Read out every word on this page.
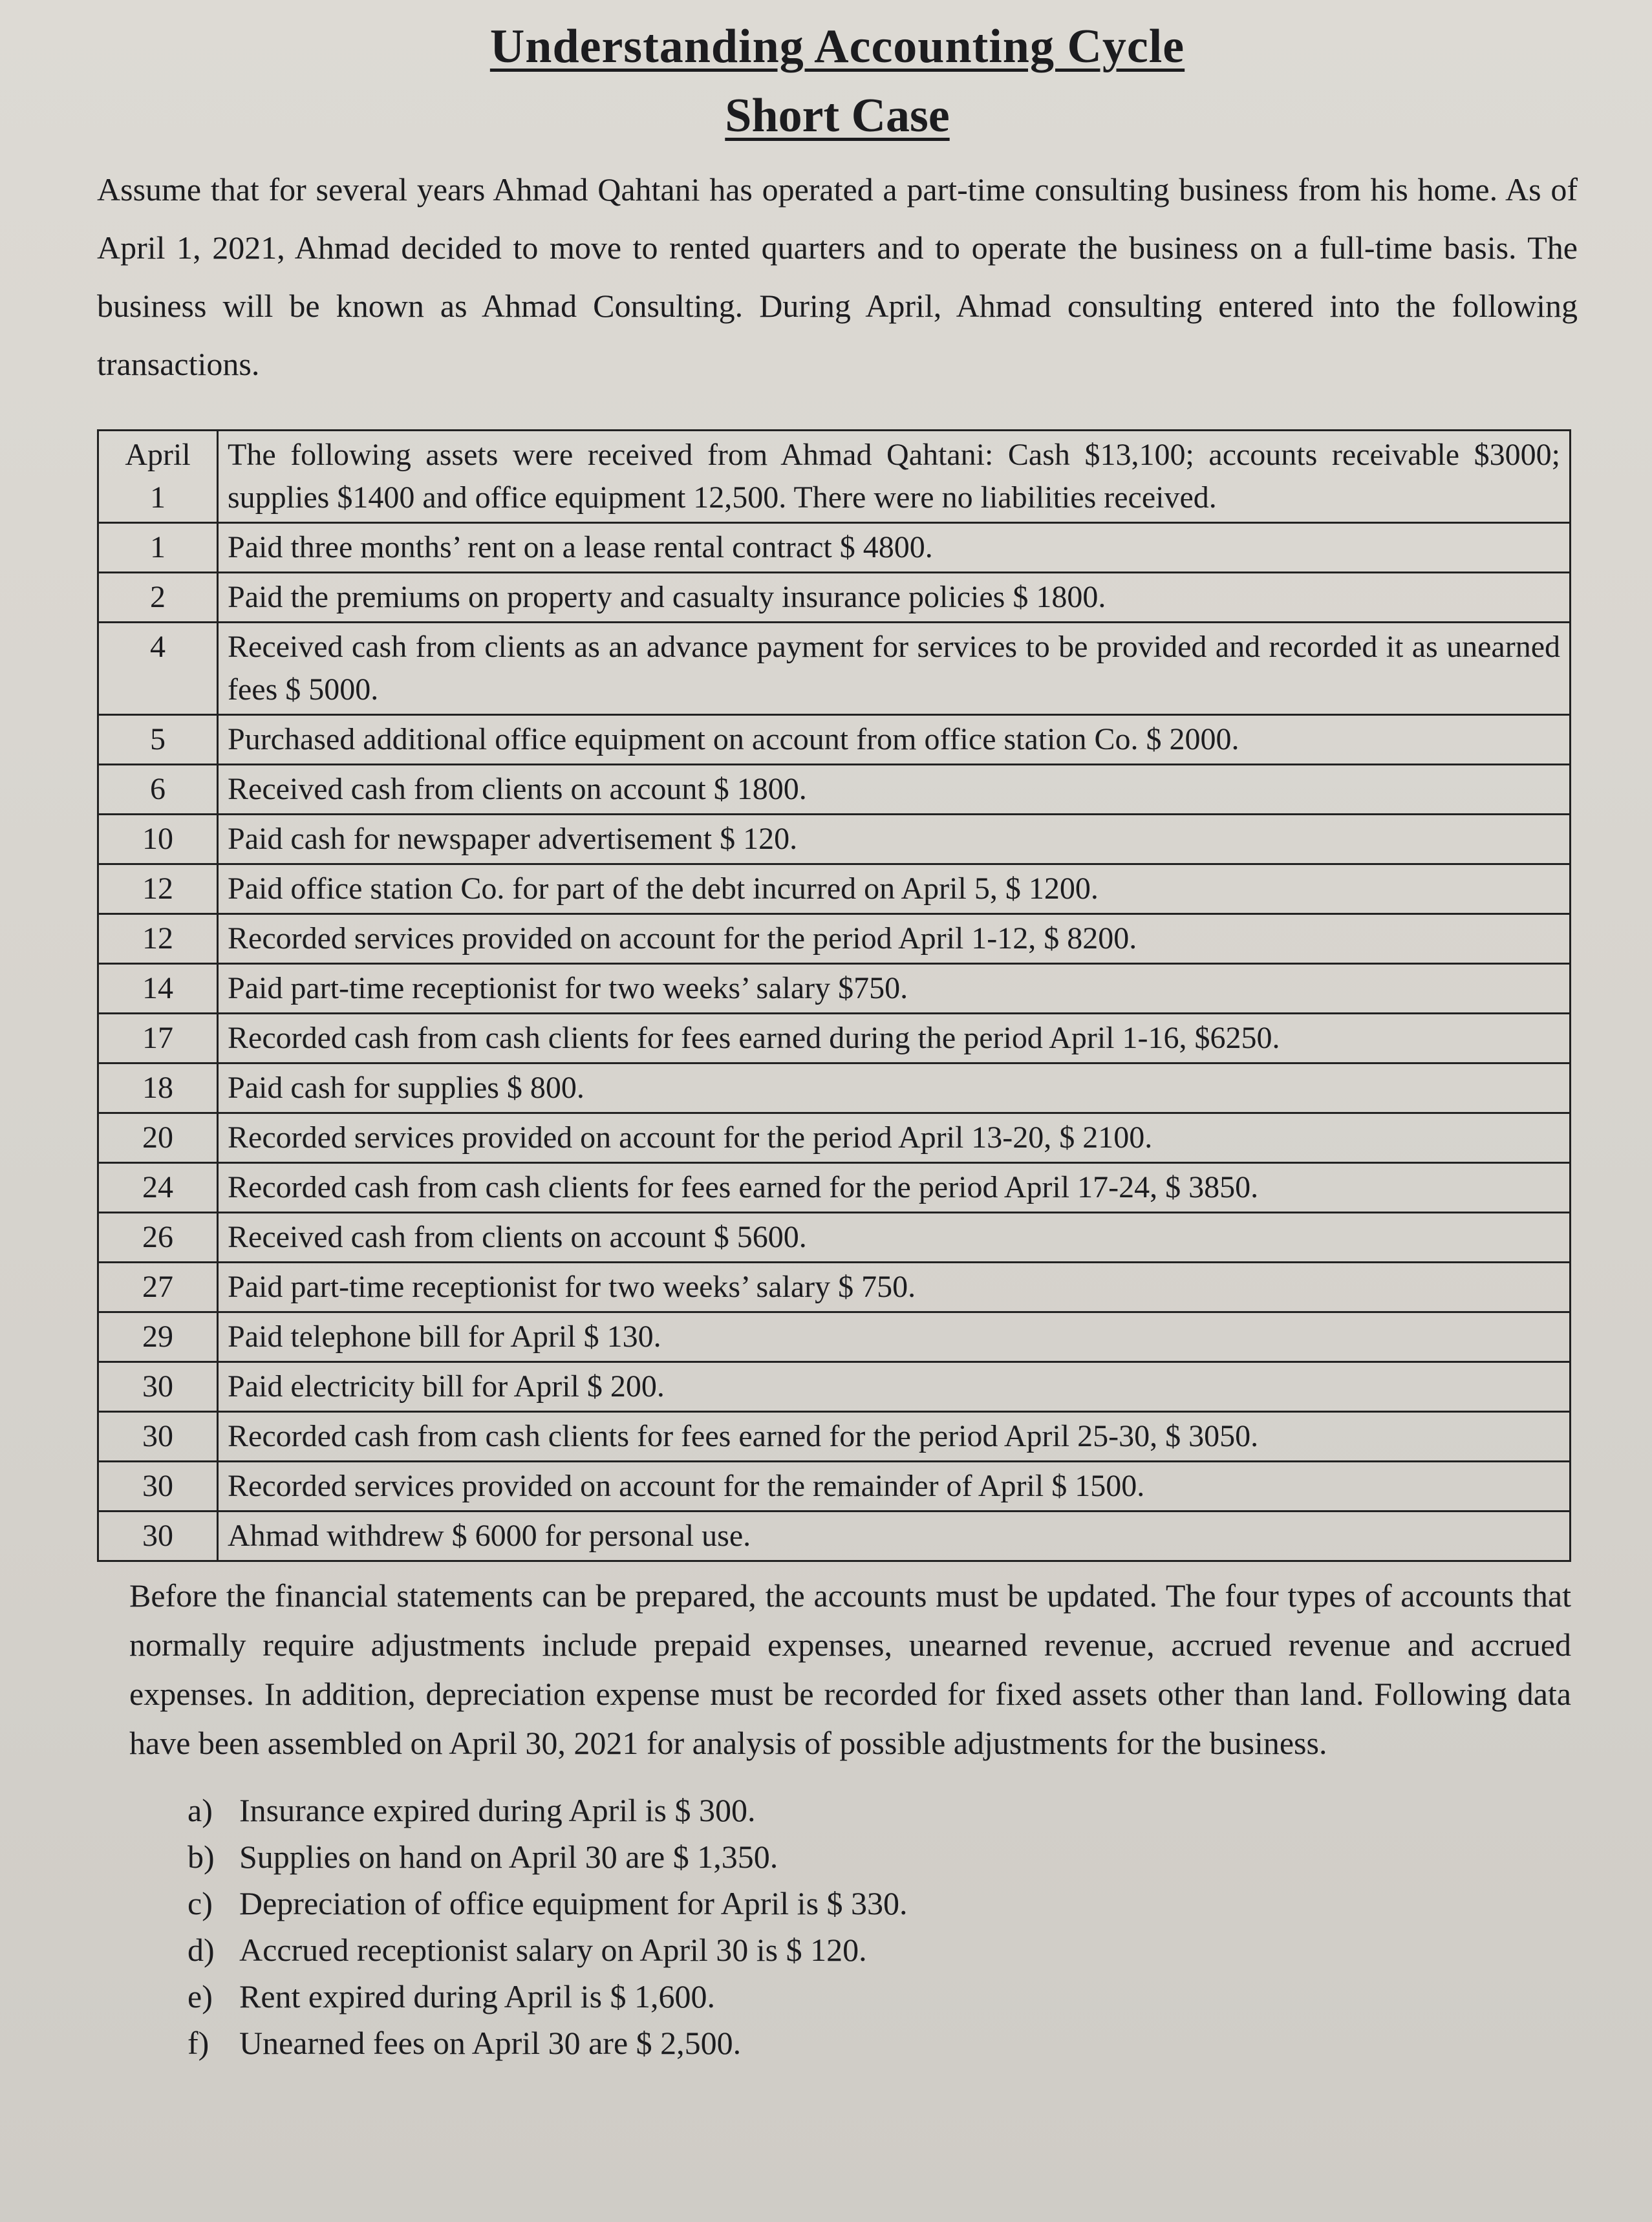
Understanding Accounting Cycle
Short Case

Assume that for several years Ahmad Qahtani has operated a part-time consulting business from his home. As of April 1, 2021, Ahmad decided to move to rented quarters and to operate the business on a full-time basis. The business will be known as Ahmad Consulting. During April, Ahmad consulting entered into the following transactions.

April
1	The following assets were received from Ahmad Qahtani: Cash $13,100; accounts receivable $3000; supplies $1400 and office equipment 12,500. There were no liabilities received.
1	Paid three months’ rent on a lease rental contract $ 4800.
2	Paid the premiums on property and casualty insurance policies $ 1800.
4	Received cash from clients as an advance payment for services to be provided and recorded it as unearned fees $ 5000.
5	Purchased additional office equipment on account from office station Co. $ 2000.
6	Received cash from clients on account $ 1800.
10	Paid cash for newspaper advertisement $ 120.
12	Paid office station Co. for part of the debt incurred on April 5, $ 1200.
12	Recorded services provided on account for the period April 1-12, $ 8200.
14	Paid part-time receptionist for two weeks’ salary $750.
17	Recorded cash from cash clients for fees earned during the period April 1-16, $6250.
18	Paid cash for supplies $ 800.
20	Recorded services provided on account for the period April 13-20, $ 2100.
24	Recorded cash from cash clients for fees earned for the period April 17-24, $ 3850.
26	Received cash from clients on account $ 5600.
27	Paid part-time receptionist for two weeks’ salary $ 750.
29	Paid telephone bill for April $ 130.
30	Paid electricity bill for April $ 200.
30	Recorded cash from cash clients for fees earned for the period April 25-30, $ 3050.
30	Recorded services provided on account for the remainder of April $ 1500.
30	Ahmad withdrew $ 6000 for personal use.

Before the financial statements can be prepared, the accounts must be updated. The four types of accounts that normally require adjustments include prepaid expenses, unearned revenue, accrued revenue and accrued expenses. In addition, depreciation expense must be recorded for fixed assets other than land. Following data have been assembled on April 30, 2021 for analysis of possible adjustments for the business.

a) Insurance expired during April is $ 300.
b) Supplies on hand on April 30 are $ 1,350.
c) Depreciation of office equipment for April is $ 330.
d) Accrued receptionist salary on April 30 is $ 120.
e) Rent expired during April is $ 1,600.
f) Unearned fees on April 30 are $ 2,500.
